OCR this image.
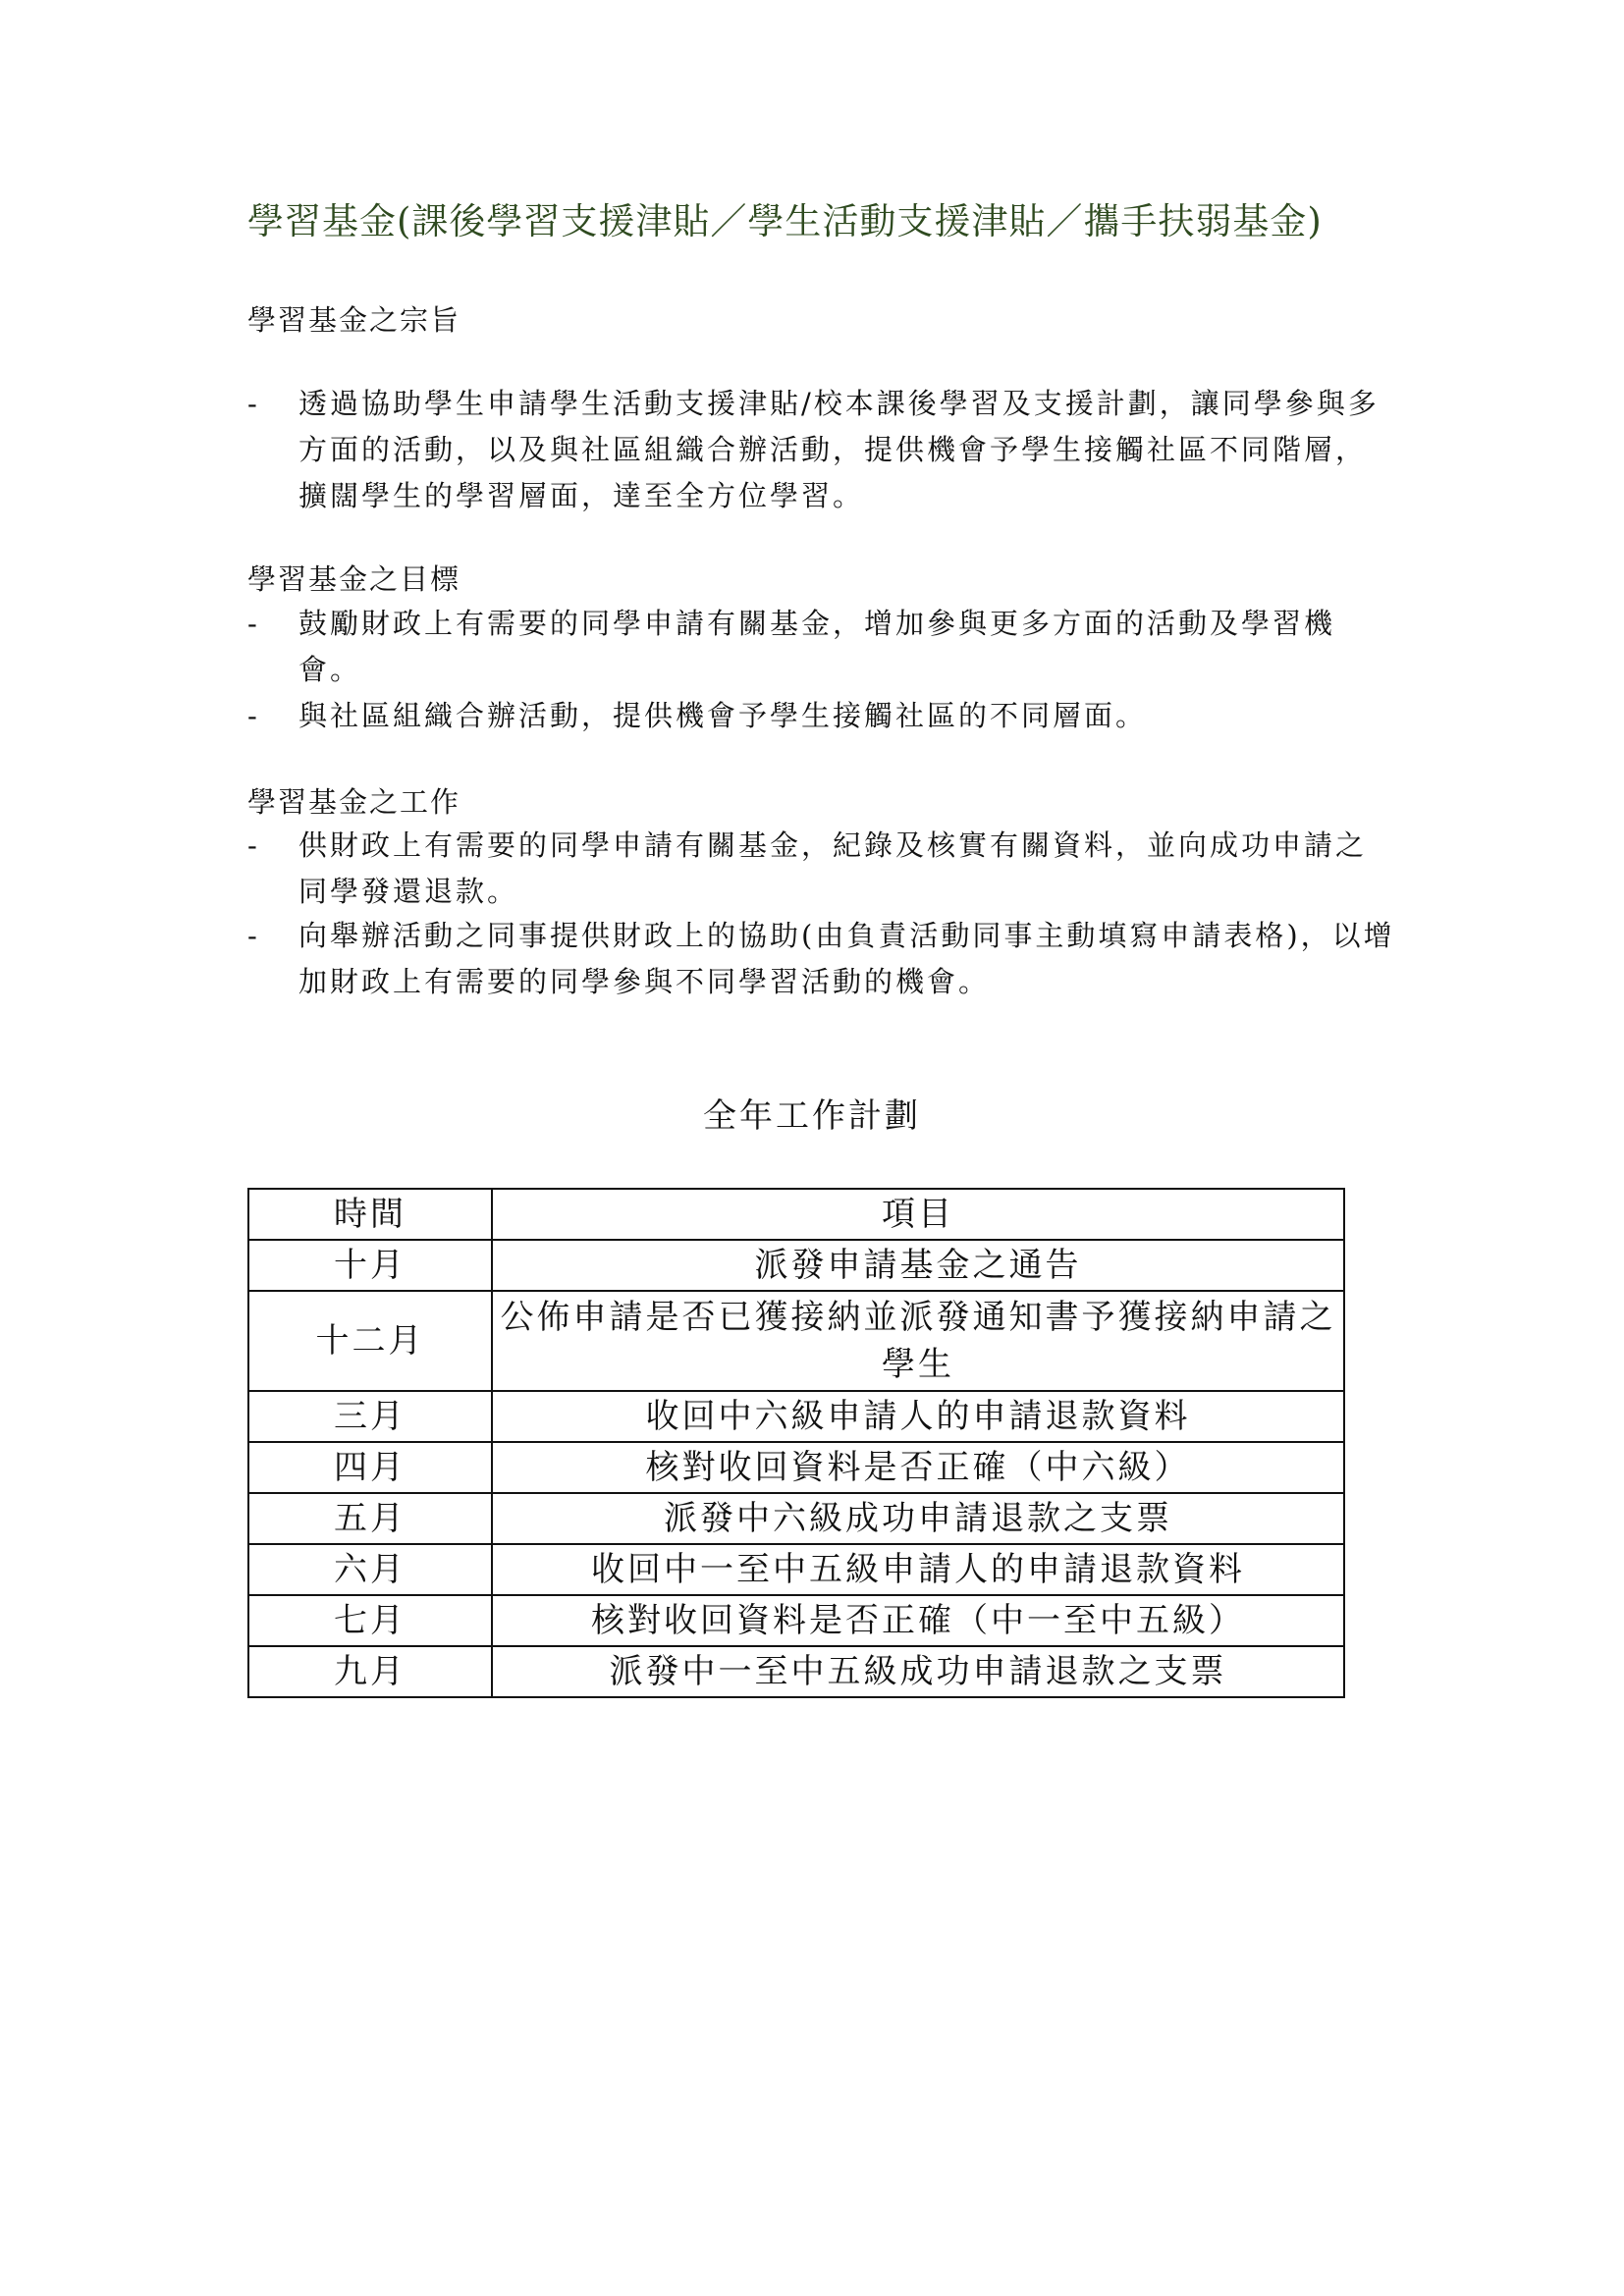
學習基金(課後學習支援津貼／學生活動支援津貼／攜手扶弱基金)
學習基金之宗旨
- 透過協助學生申請學生活動支援津貼/校本課後學習及支援計劃，讓同學參與多方面的活動，以及與社區組織合辦活動，提供機會予學生接觸社區不同階層，擴闊學生的學習層面，達至全方位學習。
學習基金之目標
- 鼓勵財政上有需要的同學申請有關基金，增加參與更多方面的活動及學習機會。
- 與社區組織合辦活動，提供機會予學生接觸社區的不同層面。
學習基金之工作
- 供財政上有需要的同學申請有關基金，紀錄及核實有關資料，並向成功申請之同學發還退款。
- 向舉辦活動之同事提供財政上的協助(由負責活動同事主動填寫申請表格)，以增加財政上有需要的同學參與不同學習活動的機會。
全年工作計劃
時間	項目
十月	派發申請基金之通告
十二月	公佈申請是否已獲接納並派發通知書予獲接納申請之學生
三月	收回中六級申請人的申請退款資料
四月	核對收回資料是否正確（中六級）
五月	派發中六級成功申請退款之支票
六月	收回中一至中五級申請人的申請退款資料
七月	核對收回資料是否正確（中一至中五級）
九月	派發中一至中五級成功申請退款之支票
